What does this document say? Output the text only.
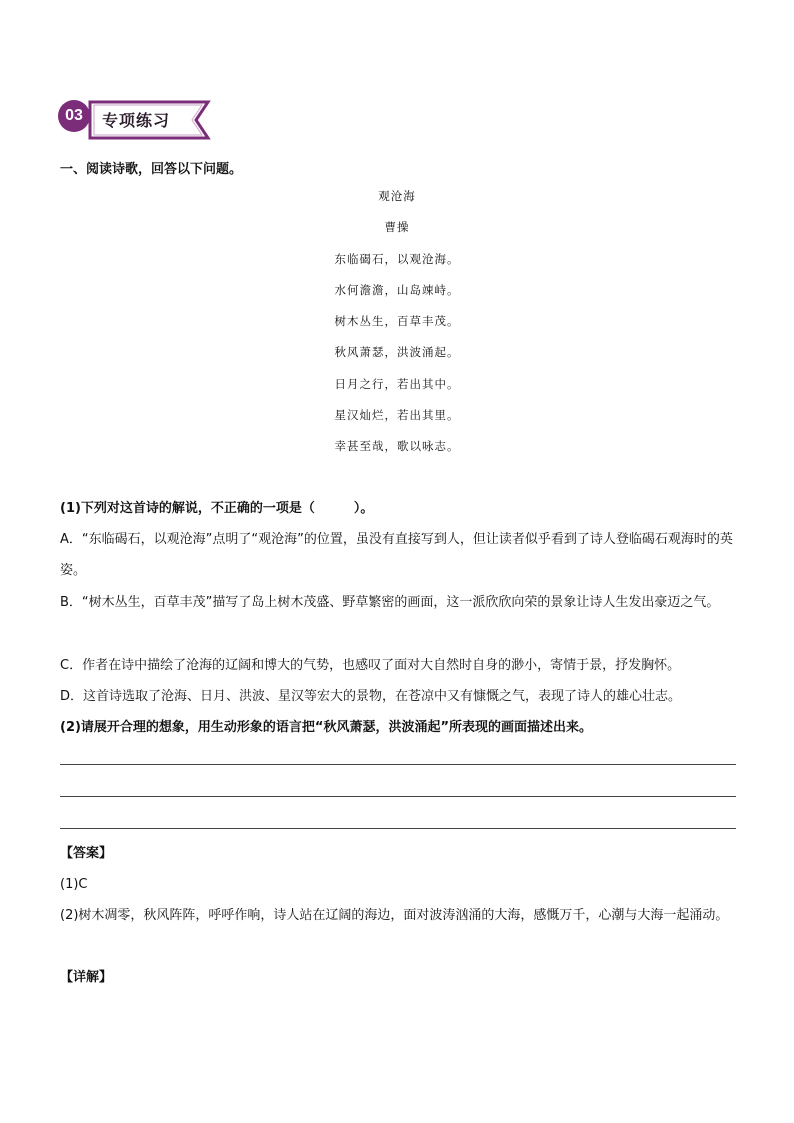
03	专项练习
一、阅读诗歌，回答以下问题。
观沧海
曹操
东临碣石，以观沧海。
水何澹澹，山岛竦峙。
树木丛生，百草丰茂。
秋风萧瑟，洪波涌起。
日月之行，若出其中。
星汉灿烂，若出其里。
幸甚至哉，歌以咏志。
(1)下列对这首诗的解说，不正确的一项是（　　　）。
A．“东临碣石，以观沧海”点明了“观沧海”的位置，虽没有直接写到人，但让读者似乎看到了诗人登临碣石观海时的英姿。
B．“树木丛生，百草丰茂”描写了岛上树木茂盛、野草繁密的画面，这一派欣欣向荣的景象让诗人生发出豪迈之气。
C．作者在诗中描绘了沧海的辽阔和博大的气势，也感叹了面对大自然时自身的渺小，寄情于景，抒发胸怀。
D．这首诗选取了沧海、日月、洪波、星汉等宏大的景物，在苍凉中又有慷慨之气，表现了诗人的雄心壮志。
(2)请展开合理的想象，用生动形象的语言把“秋风萧瑟，洪波涌起”所表现的画面描述出来。
【答案】
(1)C
(2)树木凋零，秋风阵阵，呼呼作响，诗人站在辽阔的海边，面对波涛汹涌的大海，感慨万千，心潮与大海一起涌动。
【详解】
